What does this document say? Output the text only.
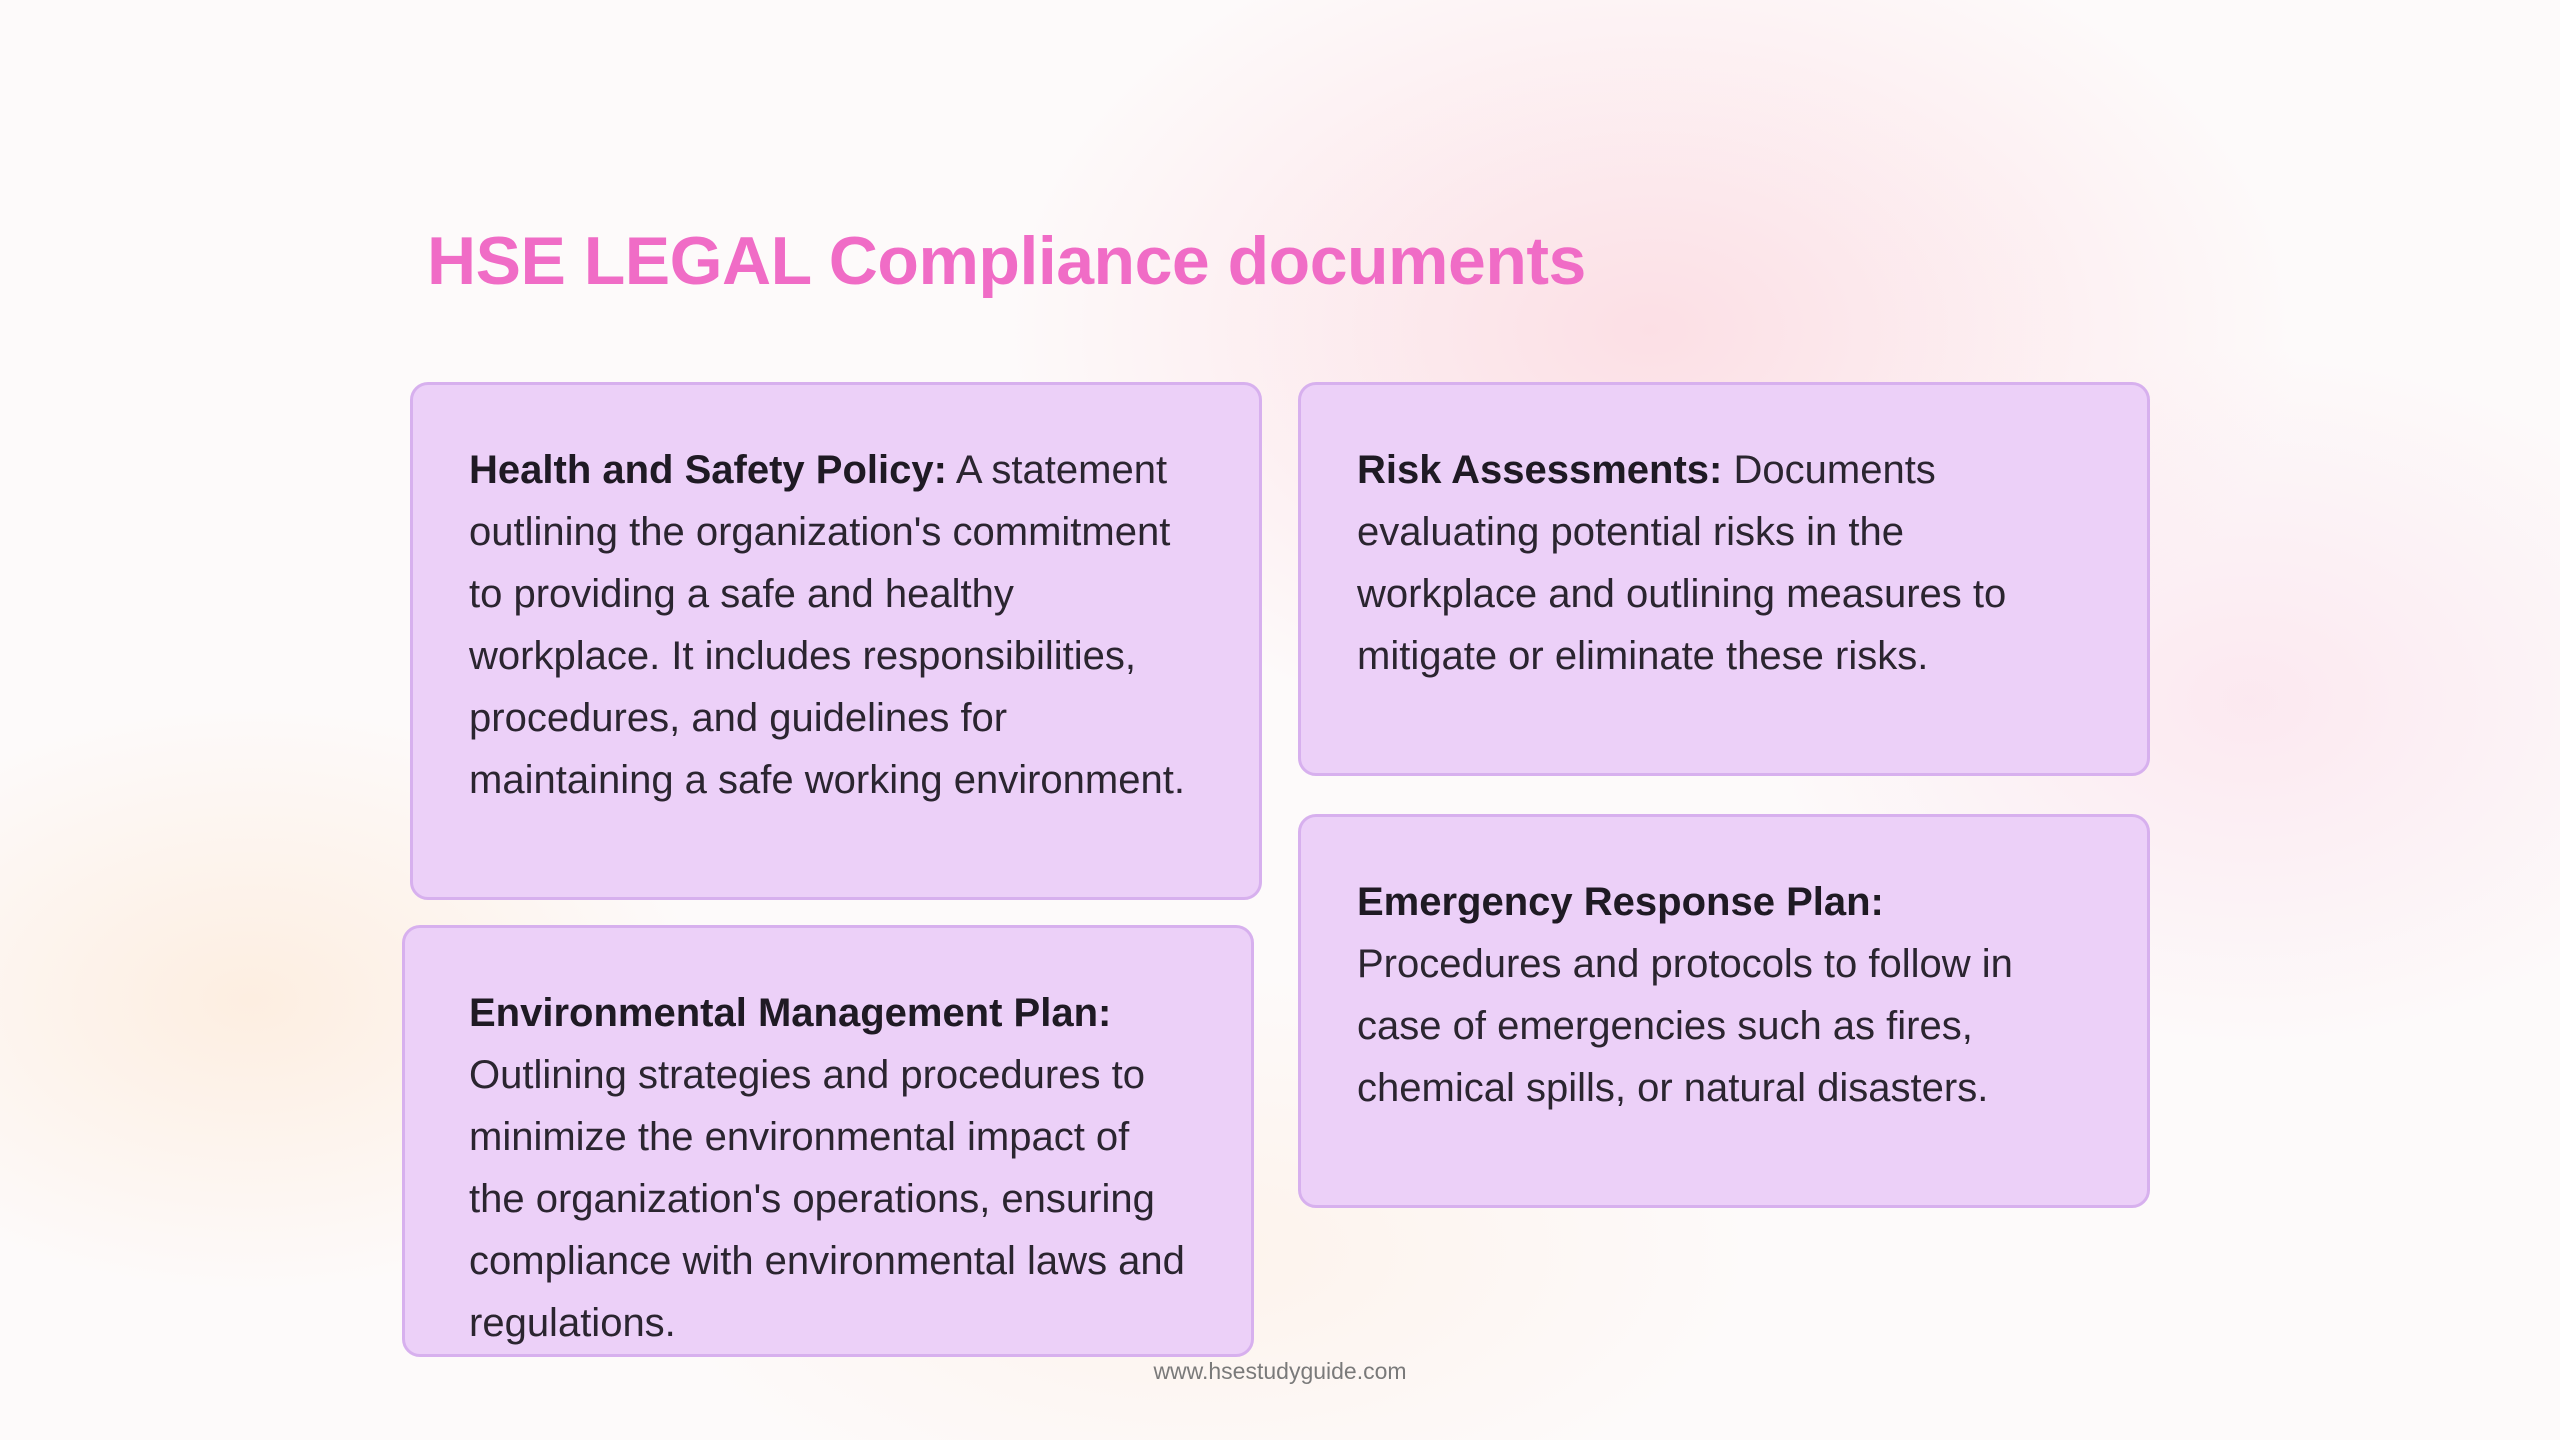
HSE LEGAL Compliance documents

Health and Safety Policy: A statement outlining the organization's commitment to providing a safe and healthy workplace. It includes responsibilities, procedures, and guidelines for maintaining a safe working environment.

Risk Assessments: Documents evaluating potential risks in the workplace and outlining measures to mitigate or eliminate these risks.

Environmental Management Plan: Outlining strategies and procedures to minimize the environmental impact of the organization's operations, ensuring compliance with environmental laws and regulations.

Emergency Response Plan: Procedures and protocols to follow in case of emergencies such as fires, chemical spills, or natural disasters.

www.hsestudyguide.com
